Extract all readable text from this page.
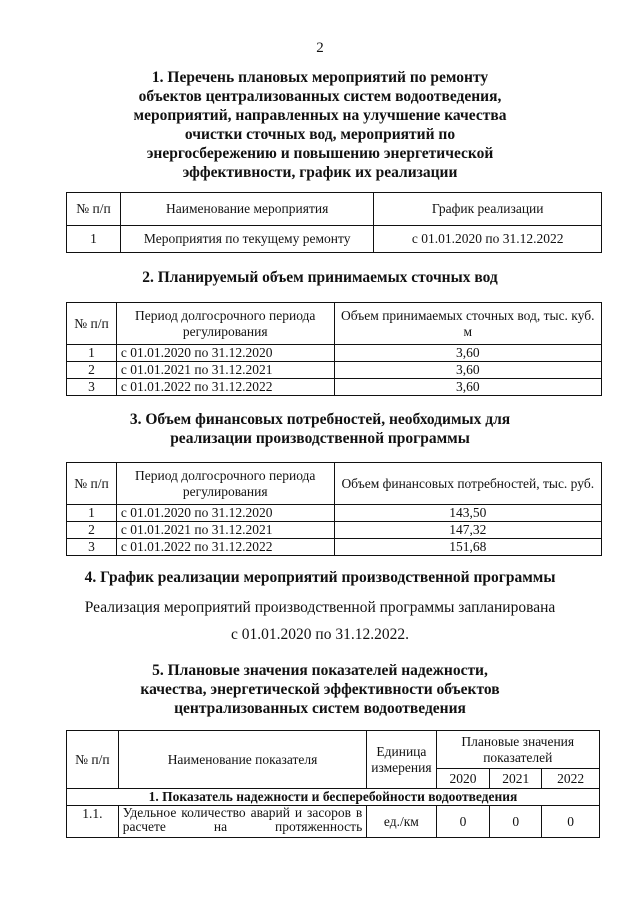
2
1. Перечень плановых мероприятий по ремонту
объектов централизованных систем водоотведения,
мероприятий, направленных на улучшение качества
очистки сточных вод, мероприятий по
энергосбережению и повышению энергетической
эффективности, график их реализации
№ п/п	Наименование мероприятия	График реализации
1	Мероприятия по текущему ремонту	с 01.01.2020 по 31.12.2022
2. Планируемый объем принимаемых сточных вод
№ п/п	Период долгосрочного периода регулирования	Объем принимаемых сточных вод, тыс. куб. м
1	с 01.01.2020 по 31.12.2020	3,60
2	с 01.01.2021 по 31.12.2021	3,60
3	с 01.01.2022 по 31.12.2022	3,60
3. Объем финансовых потребностей, необходимых для
реализации производственной программы
№ п/п	Период долгосрочного периода регулирования	Объем финансовых потребностей, тыс. руб.
1	с 01.01.2020 по 31.12.2020	143,50
2	с 01.01.2021 по 31.12.2021	147,32
3	с 01.01.2022 по 31.12.2022	151,68
4. График реализации мероприятий производственной программы
Реализация мероприятий производственной программы запланирована
с 01.01.2020 по 31.12.2022.
5. Плановые значения показателей надежности,
качества, энергетической эффективности объектов
централизованных систем водоотведения
№ п/п	Наименование показателя	Единица измерения	Плановые значения показателей		
			2020	2021	2022
1. Показатель надежности и бесперебойности водоотведения					
1.1.	Удельное количество аварий и засоров в расчете на протяженность	ед./км	0	0	0
